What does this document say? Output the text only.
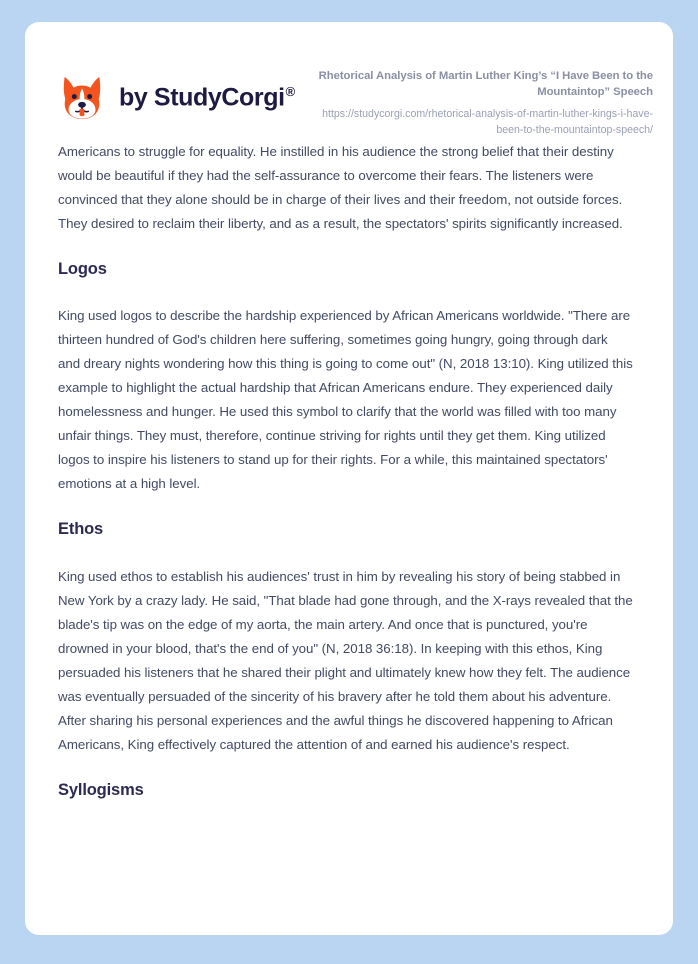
by StudyCorgi®
Rhetorical Analysis of Martin Luther King’s “I Have Been to the Mountaintop” Speech
https://studycorgi.com/rhetorical-analysis-of-martin-luther-kings-i-have-been-to-the-mountaintop-speech/

Americans to struggle for equality. He instilled in his audience the strong belief that their destiny would be beautiful if they had the self-assurance to overcome their fears. The listeners were convinced that they alone should be in charge of their lives and their freedom, not outside forces. They desired to reclaim their liberty, and as a result, the spectators' spirits significantly increased.

Logos

King used logos to describe the hardship experienced by African Americans worldwide. "There are thirteen hundred of God's children here suffering, sometimes going hungry, going through dark and dreary nights wondering how this thing is going to come out" (N, 2018 13:10). King utilized this example to highlight the actual hardship that African Americans endure. They experienced daily homelessness and hunger. He used this symbol to clarify that the world was filled with too many unfair things. They must, therefore, continue striving for rights until they get them. King utilized logos to inspire his listeners to stand up for their rights. For a while, this maintained spectators' emotions at a high level.

Ethos

King used ethos to establish his audiences' trust in him by revealing his story of being stabbed in New York by a crazy lady. He said, "That blade had gone through, and the X-rays revealed that the blade's tip was on the edge of my aorta, the main artery. And once that is punctured, you're drowned in your blood, that's the end of you" (N, 2018 36:18). In keeping with this ethos, King persuaded his listeners that he shared their plight and ultimately knew how they felt. The audience was eventually persuaded of the sincerity of his bravery after he told them about his adventure. After sharing his personal experiences and the awful things he discovered happening to African Americans, King effectively captured the attention of and earned his audience's respect.

Syllogisms
